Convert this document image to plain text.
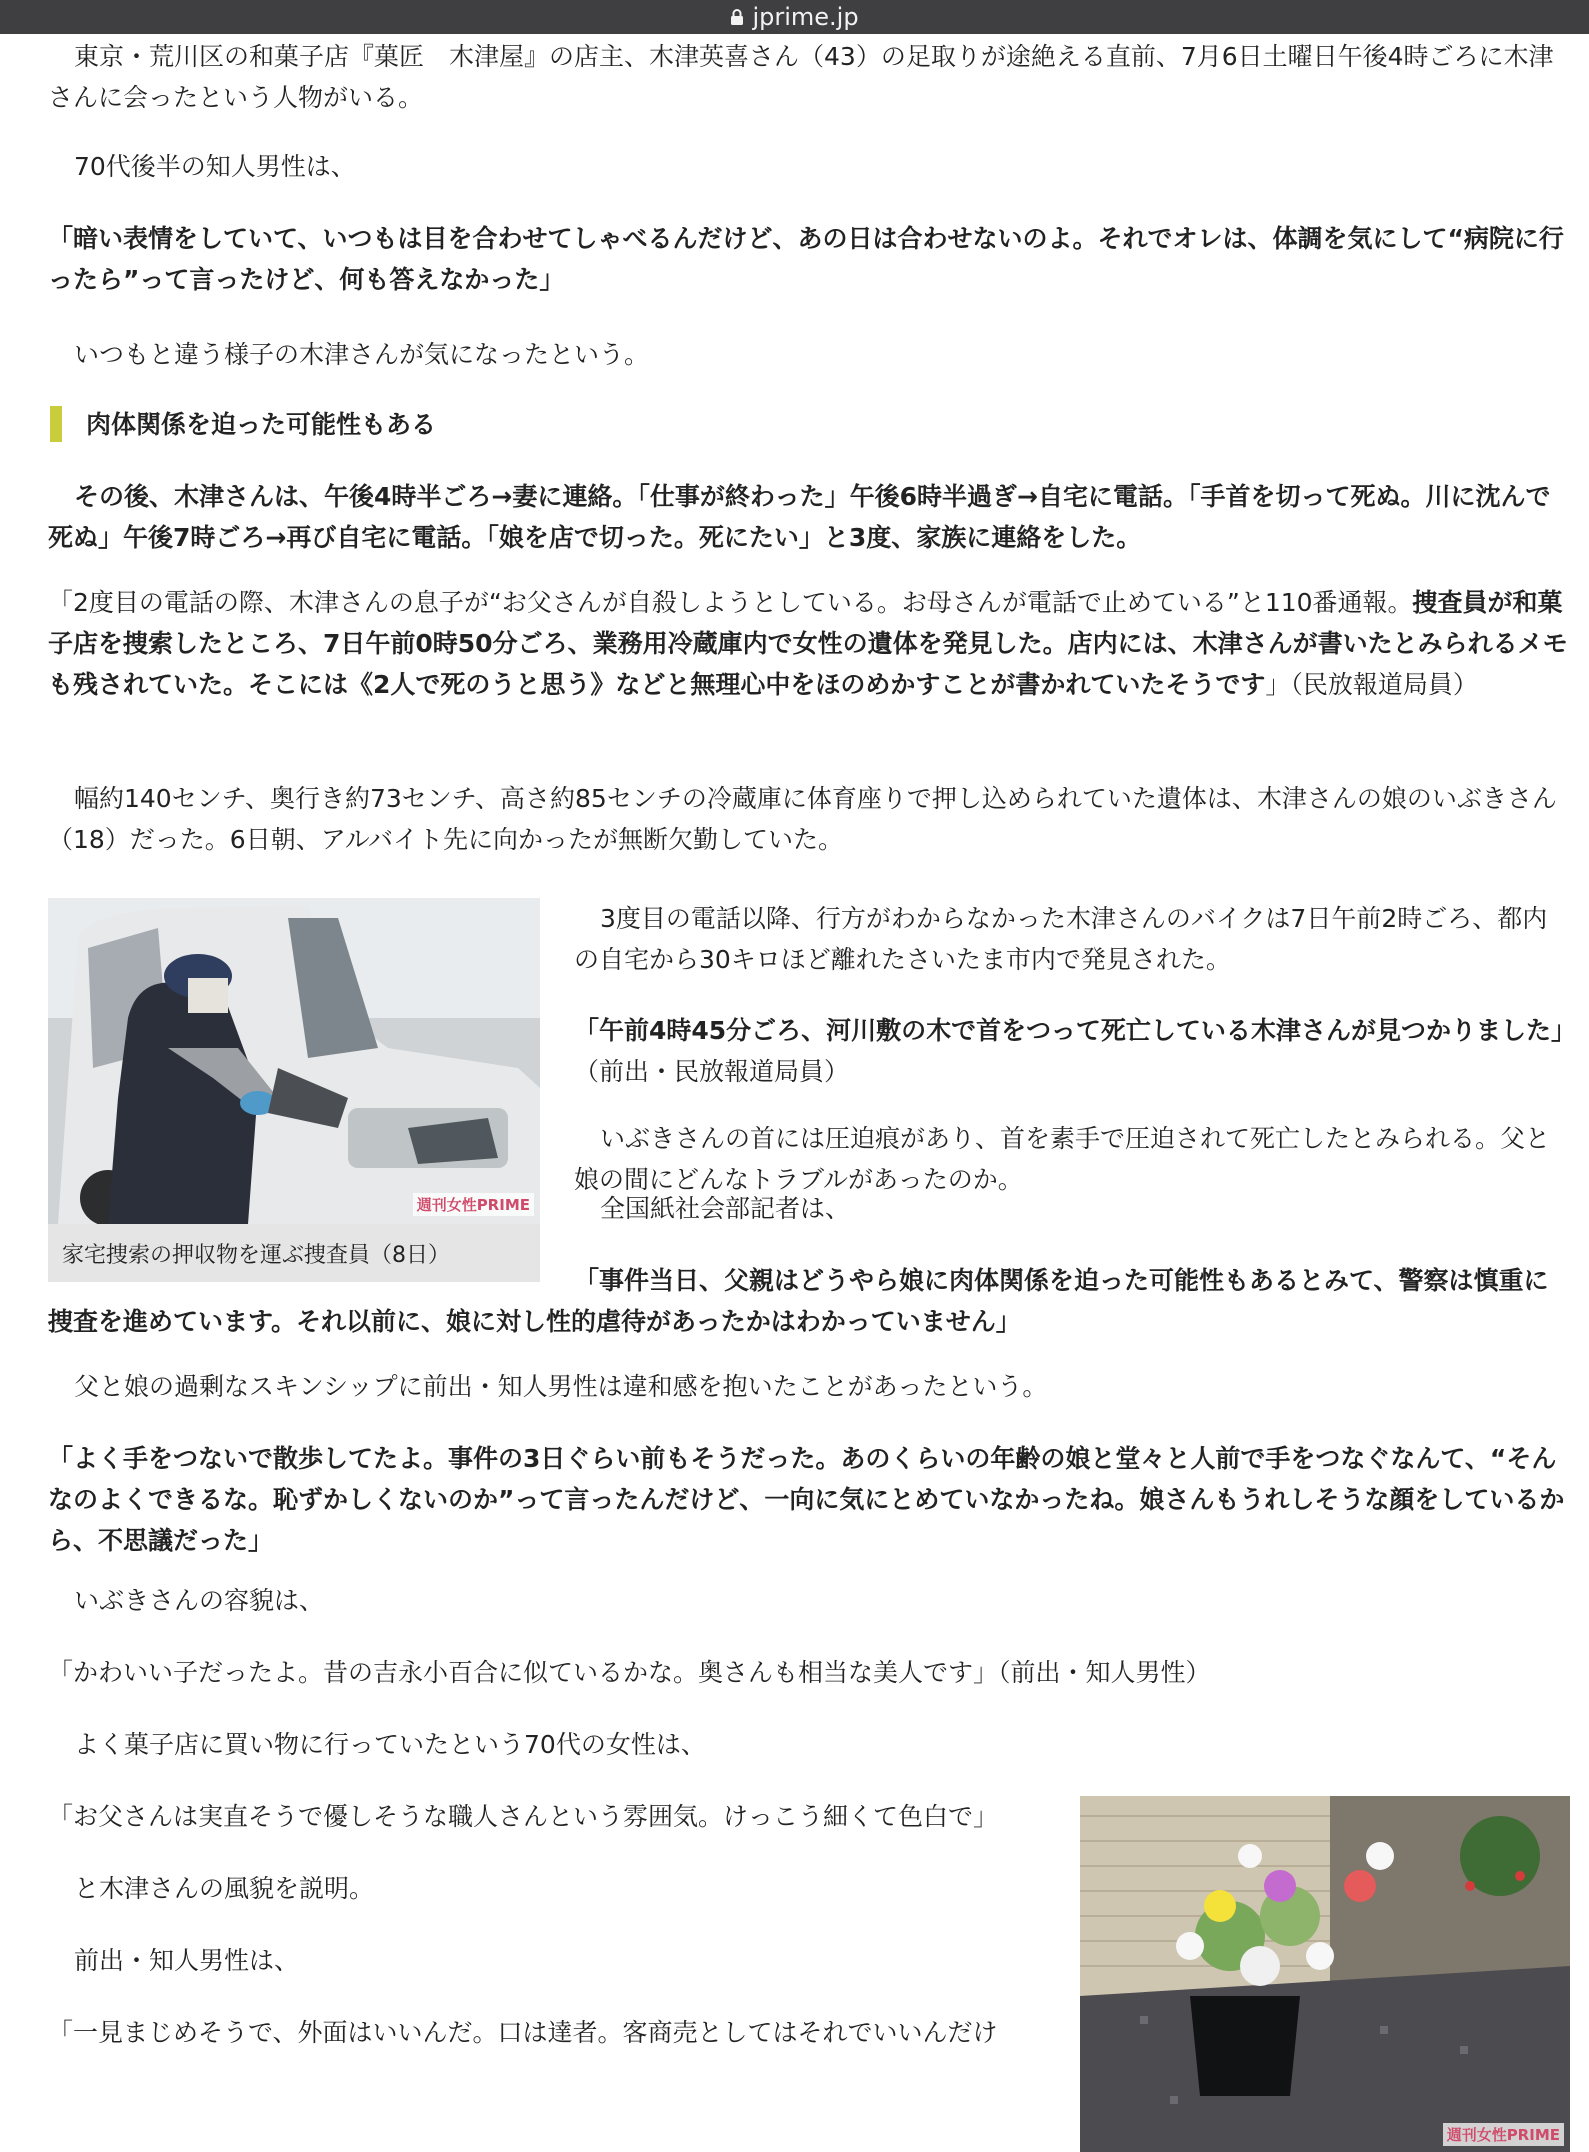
jprime.jp

東京・荒川区の和菓子店『菓匠　木津屋』の店主、木津英喜さん（43）の足取りが途絶える直前、7月6日土曜日午後4時ごろに木津さんに会ったという人物がいる。

70代後半の知人男性は、

「暗い表情をしていて、いつもは目を合わせてしゃべるんだけど、あの日は合わせないのよ。それでオレは、体調を気にして“病院に行ったら”って言ったけど、何も答えなかった」

いつもと違う様子の木津さんが気になったという。

肉体関係を迫った可能性もある

その後、木津さんは、午後4時半ごろ→妻に連絡。「仕事が終わった」午後6時半過ぎ→自宅に電話。「手首を切って死ぬ。川に沈んで死ぬ」午後7時ごろ→再び自宅に電話。「娘を店で切った。死にたい」と3度、家族に連絡をした。

「2度目の電話の際、木津さんの息子が“お父さんが自殺しようとしている。お母さんが電話で止めている”と110番通報。捜査員が和菓子店を捜索したところ、7日午前0時50分ごろ、業務用冷蔵庫内で女性の遺体を発見した。店内には、木津さんが書いたとみられるメモも残されていた。そこには《2人で死のうと思う》などと無理心中をほのめかすことが書かれていたそうです」（民放報道局員）

幅約140センチ、奥行き約73センチ、高さ約85センチの冷蔵庫に体育座りで押し込められていた遺体は、木津さんの娘のいぶきさん（18）だった。6日朝、アルバイト先に向かったが無断欠勤していた。

週刊女性PRIME
家宅捜索の押収物を運ぶ捜査員（8日）

3度目の電話以降、行方がわからなかった木津さんのバイクは7日午前2時ごろ、都内の自宅から30キロほど離れたさいたま市内で発見された。

「午前4時45分ごろ、河川敷の木で首をつって死亡している木津さんが見つかりました」（前出・民放報道局員）

いぶきさんの首には圧迫痕があり、首を素手で圧迫されて死亡したとみられる。父と娘の間にどんなトラブルがあったのか。

全国紙社会部記者は、

「事件当日、父親はどうやら娘に肉体関係を迫った可能性もあるとみて、警察は慎重に捜査を進めています。それ以前に、娘に対し性的虐待があったかはわかっていません」

父と娘の過剰なスキンシップに前出・知人男性は違和感を抱いたことがあったという。

「よく手をつないで散歩してたよ。事件の3日ぐらい前もそうだった。あのくらいの年齢の娘と堂々と人前で手をつなぐなんて、“そんなのよくできるな。恥ずかしくないのか”って言ったんだけど、一向に気にとめていなかったね。娘さんもうれしそうな顔をしているから、不思議だった」

いぶきさんの容貌は、

「かわいい子だったよ。昔の吉永小百合に似ているかな。奥さんも相当な美人です」（前出・知人男性）

週刊女性PRIME

よく菓子店に買い物に行っていたという70代の女性は、

「お父さんは実直そうで優しそうな職人さんという雰囲気。けっこう細くて色白で」

と木津さんの風貌を説明。

前出・知人男性は、

「一見まじめそうで、外面はいいんだ。口は達者。客商売としてはそれでいいんだけ
